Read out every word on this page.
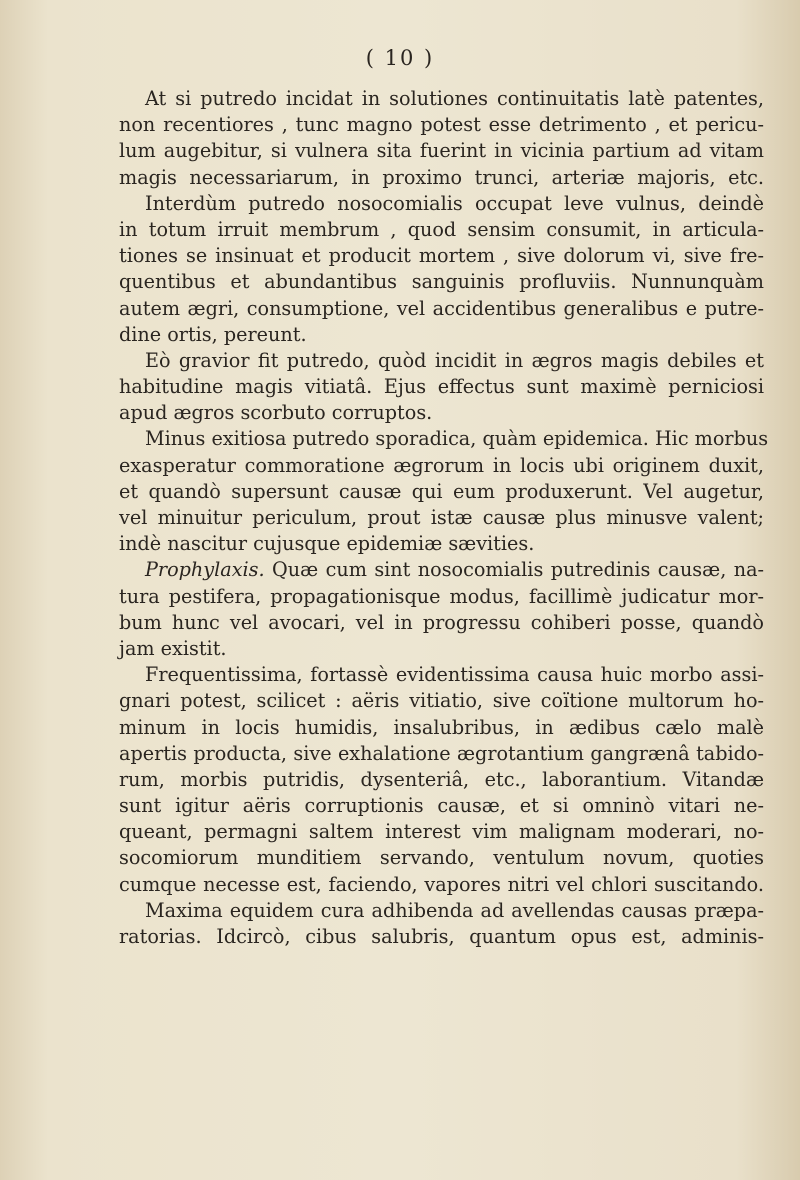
( 10 )
At si putredo incidat in solutiones continuitatis latè patentes,
non recentiores , tunc magno potest esse detrimento , et pericu-
lum augebitur, si vulnera sita fuerint in vicinia partium ad vitam
magis necessariarum, in proximo trunci, arteriæ majoris, etc.
Interdùm putredo nosocomialis occupat leve vulnus, deindè
in totum irruit membrum , quod sensim consumit, in articula-
tiones se insinuat et producit mortem , sive dolorum vi, sive fre-
quentibus et abundantibus sanguinis profluviis. Nunnunquàm
autem ægri, consumptione, vel accidentibus generalibus e putre-
dine ortis, pereunt.
Eò gravior fit putredo, quòd incidit in ægros magis debiles et
habitudine magis vitiatâ. Ejus effectus sunt maximè perniciosi
apud ægros scorbuto corruptos.
Minus exitiosa putredo sporadica, quàm epidemica. Hic morbus
exasperatur commoratione ægrorum in locis ubi originem duxit,
et quandò supersunt causæ qui eum produxerunt. Vel augetur,
vel minuitur periculum, prout istæ causæ plus minusve valent;
indè nascitur cujusque epidemiæ sævities.
Prophylaxis. Quæ cum sint nosocomialis putredinis causæ, na-
tura pestifera, propagationisque modus, facillimè judicatur mor-
bum hunc vel avocari, vel in progressu cohiberi posse, quandò
jam existit.
Frequentissima, fortassè evidentissima causa huic morbo assi-
gnari potest, scilicet : aëris vitiatio, sive coïtione multorum ho-
minum in locis humidis, insalubribus, in ædibus cælo malè
apertis producta, sive exhalatione ægrotantium gangrænâ tabido-
rum, morbis putridis, dysenteriâ, etc., laborantium. Vitandæ
sunt igitur aëris corruptionis causæ, et si omninò vitari ne-
queant, permagni saltem interest vim malignam moderari, no-
socomiorum munditiem servando, ventulum novum, quoties
cumque necesse est, faciendo, vapores nitri vel chlori suscitando.
Maxima equidem cura adhibenda ad avellendas causas præpa-
ratorias. Idcircò, cibus salubris, quantum opus est, adminis-
